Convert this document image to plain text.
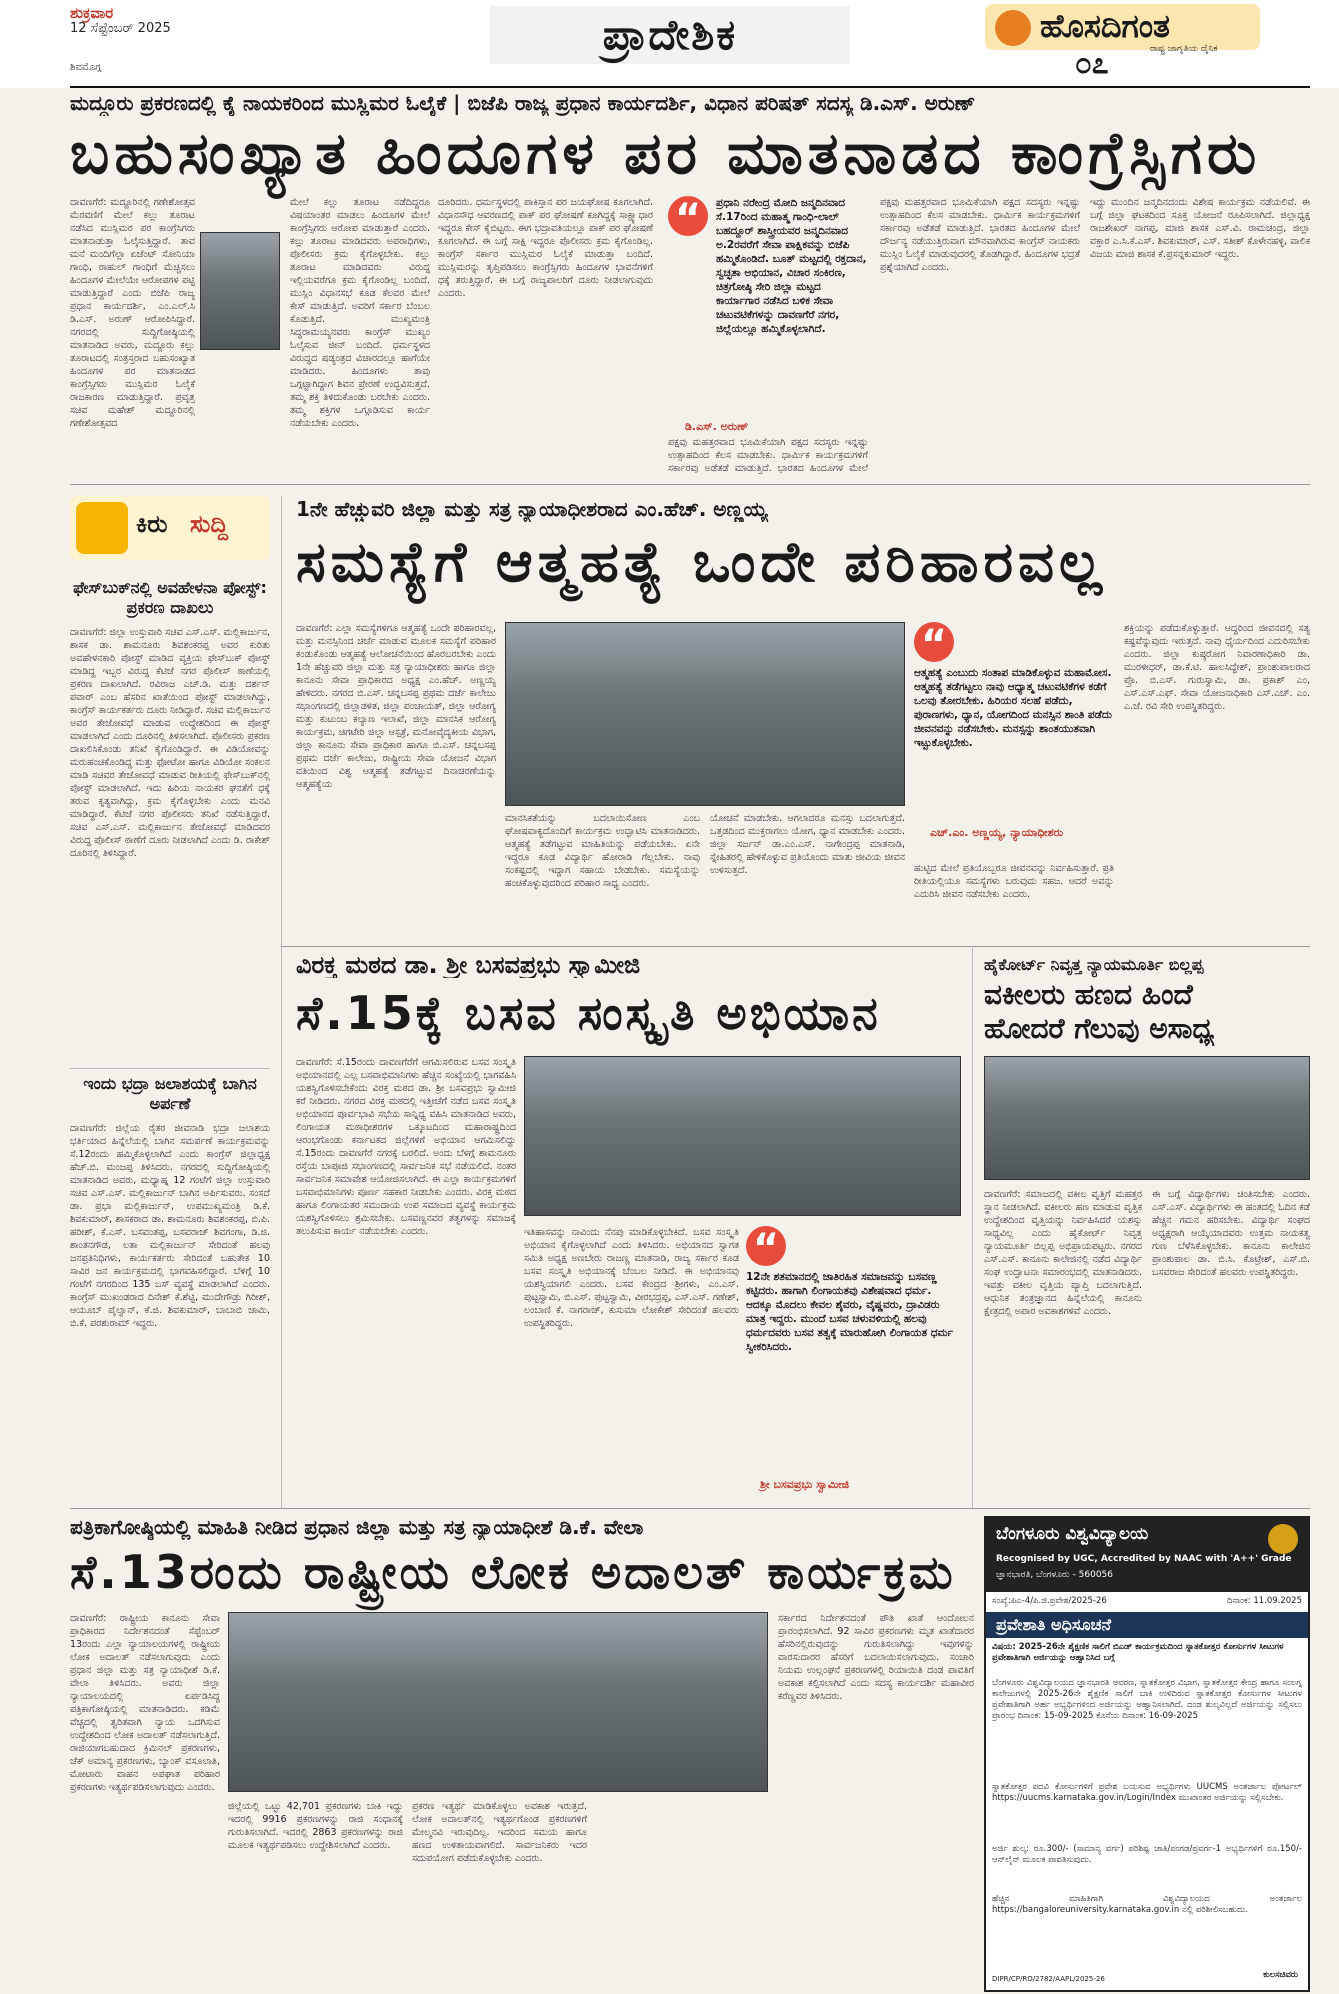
ಶುಕ್ರವಾರ
12 ಸೆಪ್ಟೆಂಬರ್ 2025
ಶಿವಮೊಗ್ಗ
ಪ್ರಾದೇಶಿಕ	ಹೊಸದಿಗಂತ
೦೭	ರಾಷ್ಟ್ರ ಜಾಗೃತಿಯ ದೈನಿಕ
ಮದ್ದೂರು ಪ್ರಕರಣದಲ್ಲಿ ಕೈ ನಾಯಕರಿಂದ ಮುಸ್ಲಿಮರ ಓಲೈಕೆ | ಬಿಜೆಪಿ ರಾಜ್ಯ ಪ್ರಧಾನ ಕಾರ್ಯದರ್ಶಿ, ವಿಧಾನ ಪರಿಷತ್ ಸದಸ್ಯ ಡಿ.ಎಸ್. ಅರುಣ್
ಬಹುಸಂಖ್ಯಾತ ಹಿಂದೂಗಳ ಪರ ಮಾತನಾಡದ ಕಾಂಗ್ರೆಸ್ಸಿಗರು
ದಾವಣಗೆರೆ: ಮದ್ದೂರಿನಲ್ಲಿ ಗಣೇಶೋತ್ಸವ ಮೆರವಣಿಗೆ ಮೇಲೆ ಕಲ್ಲು ತೂರಾಟ ನಡೆಸಿದ ಮುಸ್ಲಿಮರ ಪರ ಕಾಂಗ್ರೆಸಿಗರು ಮಾತನಾಡುತ್ತಾ ಓಲೈಸುತ್ತಿದ್ದಾರೆ. ತಾವ ಮನೆ ಮಂದಿಗೆಲ್ಲಾ ಏಜೆಂಟ್ ಸೋನಿಯಾ ಗಾಂಧಿ, ರಾಹುಲ್ ಗಾಂಧಿಗೆ ಮೆಚ್ಚಿಸಲು ಹಿಂದೂಗಳ ಮೇಲೆಯೇ ಆರೋಪಗಳ ಪಟ್ಟಿ ಮಾಡುತ್ತಿದ್ದಾರೆ ಎಂದು ಬಿಜೆಪಿ ರಾಜ್ಯ ಪ್ರಧಾನ ಕಾರ್ಯದರ್ಶಿ, ಎಂ.ಎಲ್.ಸಿ ಡಿ.ಎಸ್. ಅರುಣ್ ಆರೋಪಿಸಿದ್ದಾರೆ. ನಗರದಲ್ಲಿ ಸುದ್ದಿಗೋಷ್ಠಿಯಲ್ಲಿ ಮಾತನಾಡಿದ ಅವರು, ಮದ್ದೂರು ಕಲ್ಲು ತೂರಾಟದಲ್ಲಿ ಸಂತ್ರಸ್ತರಾದ ಬಹುಸಂಖ್ಯಾತ ಹಿಂದೂಗಳ ಪರ ಮಾತನಾಡದ ಕಾಂಗ್ರೆಸ್ಸಿಗರು ಮುಸ್ಲಿಮರ ಓಲೈಕೆ ರಾಜಕಾರಣ ಮಾಡುತ್ತಿದ್ದಾರೆ. ಪ್ರವೃತ್ತ ಸಚಿವ ಮಹೇಶ್ ಮದ್ದೂರಿನಲ್ಲಿ ಗಣೇಶೋತ್ಸವದ
ಮೇಲೆ ಕಲ್ಲು ತೂರಾಟ ನಡೆದಿದ್ದರೂ ವಿಷಯಾಂತರ ಮಾಡಲು ಹಿಂದೂಗಳ ಮೇಲೆ ಕಾಂಗ್ರೆಸ್ಸಿಗರು ಆರೋಪ ಮಾಡುತ್ತಾರೆ ಎಂದರು. ಕಲ್ಲು ತೂರಾಟ ಮಾಡಿದವರು ಅಪರಾಧಿಗಳು, ಪೊಲೀಸರು ಕ್ರಮ ಕೈಗೊಳ್ಳಬೇಕು. ಕಲ್ಲು ತೂರಾಟ ಮಾಡಿದವರು ವಿರುದ್ಧ ಇಲ್ಲಿಯವರೆಗೂ ಕ್ರಮ ಕೈಗೊಂಡಿಲ್ಲ ಬಂದಿದೆ. ಮುಸ್ಲಿಂ ವಿಧಾನಸಭೆ ಕೂಡ ಕೆಲವರ ಮೇಲೆ ಕೇಸ್ ಮಾಡುತ್ತಿದೆ. ಅವರಿಗೆ ಸರ್ಕಾರ ಬೆಂಬಲ ಕೊಡುತ್ತಿದೆ. ಮುಖ್ಯಮಂತ್ರಿ ಸಿದ್ದರಾಮಯ್ಯನವರು ಕಾಂಗ್ರೆಸ್ ಮುಖ್ಯಂ ಓಲೈಸುವ ಜೀನ್ ಬಂದಿದೆ. ಧರ್ಮಸ್ಥಳದ ವಿರುದ್ಧದ ಷಡ್ಯಂತ್ರದ ವಿಚಾರದಲ್ಲೂ ಹಾಗೆಯೇ ಮಾಡಿದರು. ಹಿಂದೂಗಳು ತಾವು ಒಗ್ಗಟ್ಟಾಗಿದ್ದಾಗ ಶಿವನ ಪ್ರೇರಣೆ ಉದ್ಭವಿಸುತ್ತದೆ. ತಮ್ಮ ಶಕ್ತಿ ತಿಳಿದುಕೊಂಡು ಬರಬೇಕು ಎಂದರು. ತಮ್ಮ ಶಕ್ತಿಗಳ ಒಗ್ಗೂಡಿಸುವ ಕಾರ್ಯ ನಡೆಯಬೇಕು ಎಂದರು.
ದೂರಿದರು. ಧರ್ಮಸ್ಥಳದಲ್ಲಿ ಪಾಕಿಸ್ತಾನ ಪರ ಜಯಘೋಷ ಕೂಗಲಾಗಿದೆ. ವಿಧಾನಸೌಧ ಆವರಣದಲ್ಲಿ ಪಾಕ್ ಪರ ಘೋಷಣೆ ಕೂಗಿದ್ದಕ್ಕೆ ಸಾಕ್ಷ್ಯಾಧಾರ ಇದ್ದರೂ ಕೇಸ್ ಕೈಬಿಟ್ಟರು. ಈಗ ಭದ್ರಾವತಿಯಲ್ಲೂ ಪಾಕ್ ಪರ ಘೋಷಣೆ ಕೂಗಲಾಗಿದೆ. ಈ ಬಗ್ಗೆ ಸಾಕ್ಷಿ ಇದ್ದರೂ ಪೊಲೀಸರು ಕ್ರಮ ಕೈಗೊಂಡಿಲ್ಲ. ಕಾಂಗ್ರೆಸ್ ಸರ್ಕಾರ ಮುಸ್ಲಿಮರ ಓಲೈಕೆ ಮಾಡುತ್ತಾ ಬಂದಿದೆ. ಮುಸ್ಲಿಮರನ್ನು ತೃಪ್ತಿಪಡಿಸಲು ಕಾಂಗ್ರೆಸ್ಸಿಗರು ಹಿಂದೂಗಳ ಭಾವನೆಗಳಿಗೆ ಧಕ್ಕೆ ತರುತ್ತಿದ್ದಾರೆ. ಈ ಬಗ್ಗೆ ರಾಜ್ಯಪಾಲರಿಗೆ ದೂರು ನೀಡಲಾಗುವುದು ಎಂದರು.
“	ಪ್ರಧಾನಿ ನರೇಂದ್ರ ಮೋದಿ ಜನ್ಮದಿನವಾದ ಸೆ.17ರಿಂದ ಮಹಾತ್ಮ ಗಾಂಧಿ-ಲಾಲ್ ಬಹದ್ದೂರ್ ಶಾಸ್ತ್ರೀಯವರ ಜನ್ಮದಿನವಾದ ಅ.2ರವರೆಗೆ ಸೇವಾ ಪಾಕ್ಷಿಕವನ್ನು ಬಿಜೆಪಿ ಹಮ್ಮಿಕೊಂಡಿದೆ. ಬೂತ್ ಮಟ್ಟದಲ್ಲಿ ರಕ್ತದಾನ, ಸ್ವಚ್ಛತಾ ಅಭಿಯಾನ, ವಿಚಾರ ಸಂಕಿರಣ, ಚಿತ್ರಗೋಷ್ಠಿ ಸೇರಿ ಜಿಲ್ಲಾ ಮಟ್ಟದ ಕಾರ್ಯಾಗಾರ ನಡೆಸಿದ ಬಳಿಕ ಸೇವಾ ಚಟುವಟಿಕೆಗಳನ್ನು ದಾವಣಗೆರೆ ನಗರ, ಜಿಲ್ಲೆಯಲ್ಲೂ ಹಮ್ಮಿಕೊಳ್ಳಲಾಗಿದೆ.
ಡಿ.ಎಸ್. ಅರುಣ್
ಪಕ್ಷವು ಮಹತ್ತರವಾದ ಭೂಮಿಕೆಯಾಗಿ ಪಕ್ಷದ ಸದಸ್ಯರು ಇನ್ನಷ್ಟು ಉತ್ಸಾಹದಿಂದ ಕೆಲಸ ಮಾಡಬೇಕು. ಧಾರ್ಮಿಕ ಕಾರ್ಯಕ್ರಮಗಳಿಗೆ ಸರ್ಕಾರವು ಅಡೆತಡೆ ಮಾಡುತ್ತಿದೆ. ಭಾರತದ ಹಿಂದೂಗಳ ಮೇಲೆ
ಪಕ್ಷವು ಮಹತ್ತರವಾದ ಭೂಮಿಕೆಯಾಗಿ ಪಕ್ಷದ ಸದಸ್ಯರು ಇನ್ನಷ್ಟು ಉತ್ಸಾಹದಿಂದ ಕೆಲಸ ಮಾಡಬೇಕು. ಧಾರ್ಮಿಕ ಕಾರ್ಯಕ್ರಮಗಳಿಗೆ ಸರ್ಕಾರವು ಅಡೆತಡೆ ಮಾಡುತ್ತಿದೆ. ಭಾರತದ ಹಿಂದೂಗಳ ಮೇಲೆ ದೌರ್ಜನ್ಯ ನಡೆಯುತ್ತಿರುವಾಗ ಮೌನವಾಗಿರುವ ಕಾಂಗ್ರೆಸ್ ನಾಯಕರು ಮುಸ್ಲಿಂ ಓಲೈಕೆ ಮಾಡುವುದರಲ್ಲಿ ತೊಡಗಿದ್ದಾರೆ. ಹಿಂದೂಗಳ ಭದ್ರತೆ ಪ್ರಶ್ನೆಯಾಗಿದೆ ಎಂದರು.
ಇದ್ದು ಮುಂದಿನ ಜನ್ಮದಿನದಂದು ವಿಶೇಷ ಕಾರ್ಯಕ್ರಮ ನಡೆಯಲಿವೆ. ಈ ಬಗ್ಗೆ ಜಿಲ್ಲಾ ಘಟಕದಿಂದ ಸೂಕ್ತ ಯೋಜನೆ ರೂಪಿಸಲಾಗಿದೆ. ಜಿಲ್ಲಾಧ್ಯಕ್ಷ ರಾಜಶೇಖರ್ ನಾಗಪ್ಪ, ಮಾಜಿ ಶಾಸಕ ಎಸ್.ವಿ. ರಾಮಚಂದ್ರ, ಜಿಲ್ಲಾ ವಕ್ತಾರ ಎ.ಸಿ.ಕೆ.ಎಸ್. ಶಿವಕುಮಾರ್, ಎಸ್. ಸತೀಶ್ ಕೊಳೇನಹಳ್ಳಿ, ವಾಲಿಕ ವಿಜಯ ಮಾಜಿ ಶಾಸಕ ಕೆ.ಪ್ರಸನ್ನಕುಮಾರ್ ಇದ್ದರು.
ಕಿರು ಸುದ್ದಿ
ಫೇಸ್‌ಬುಕ್‌ನಲ್ಲಿ ಅವಹೇಳನಾ ಪೋಸ್ಟ್: ಪ್ರಕರಣ ದಾಖಲು
ದಾವಣಗೆರೆ: ಜಿಲ್ಲಾ ಉಸ್ತುವಾರಿ ಸಚಿವ ಎಸ್.ಎಸ್. ಮಲ್ಲಿಕಾರ್ಜುನ, ಶಾಸಕ ಡಾ. ಶಾಮನೂರು ಶಿವಶಂಕರಪ್ಪ ಅವರ ಕುರಿತು ಅವಹೇಳನಕಾರಿ ಪೋಸ್ಟ್ ಮಾಡಿದ ವ್ಯಕ್ತಿಯ ಫೇಸ್‌ಬುಕ್ ಪೋಸ್ಟ್ ಮಾಡಿದ್ದ ಇಬ್ಬರ ವಿರುದ್ಧ ಕೆಟಿಜೆ ನಗರ ಪೊಲೀಸ್ ಠಾಣೆಯಲ್ಲಿ ಪ್ರಕರಣ ದಾಖಲಾಗಿದೆ. ರವಿರಾಜ ಎಚ್.ಡಿ. ಮತ್ತು ದರ್ಶನ್ ಪವಾರ್ ಎಂಬ ಹೆಸರಿನ ಖಾತೆಯಿಂದ ಪೋಸ್ಟ್ ಮಾಡಲಾಗಿದ್ದು, ಕಾಂಗ್ರೆಸ್ ಕಾರ್ಯಕರ್ತರು ದೂರು ನೀಡಿದ್ದಾರೆ. ಸಚಿವ ಮಲ್ಲಿಕಾರ್ಜುನ ಅವರ ತೇಜೋವಧೆ ಮಾಡುವ ಉದ್ದೇಶದಿಂದ ಈ ಪೋಸ್ಟ್ ಮಾಡಲಾಗಿದೆ ಎಂದು ದೂರಿನಲ್ಲಿ ತಿಳಿಸಲಾಗಿದೆ. ಪೊಲೀಸರು ಪ್ರಕರಣ ದಾಖಲಿಸಿಕೊಂಡು ತನಿಖೆ ಕೈಗೊಂಡಿದ್ದಾರೆ. ಈ ವಿಡಿಯೋವನ್ನು ಮರುಹಂಚಿಕೊಂಡಿದ್ದ ಮತ್ತು ಫೋಟೋ ಹಾಗೂ ವಿಡಿಯೋ ಸಂಕಲನ ಮಾಡಿ ಸಚಿವರ ತೇಜೋವಧೆ ಮಾಡುವ ರೀತಿಯಲ್ಲಿ ಫೇಸ್‌ಬುಕ್‌ನಲ್ಲಿ ಪೋಸ್ಟ್ ಮಾಡಲಾಗಿದೆ. ಇದು ಹಿರಿಯ ನಾಯಕರ ಘನತೆಗೆ ಧಕ್ಕೆ ತರುವ ಕೃತ್ಯವಾಗಿದ್ದು, ಕ್ರಮ ಕೈಗೊಳ್ಳಬೇಕು ಎಂದು ಮನವಿ ಮಾಡಿದ್ದಾರೆ. ಕೆಟಿಜೆ ನಗರ ಪೊಲೀಸರು ತನಿಖೆ ನಡೆಸುತ್ತಿದ್ದಾರೆ. ಸಚಿವ ಎಸ್.ಎಸ್. ಮಲ್ಲಿಕಾರ್ಜುನ ತೇಜೋವಧೆ ಮಾಡಿದವರ ವಿರುದ್ಧ ಪೊಲೀಸ್ ಠಾಣೆಗೆ ದೂರು ನೀಡಲಾಗಿದೆ ಎಂದು ಡಿ. ರಾಕೇಶ್ ದೂರಿನಲ್ಲಿ ತಿಳಿಸಿದ್ದಾರೆ.
ಇಂದು ಭದ್ರಾ ಜಲಾಶಯಕ್ಕೆ ಬಾಗಿನ ಅರ್ಪಣೆ
ದಾವಣಗೆರೆ: ಜಿಲ್ಲೆಯ ರೈತರ ಜೀವನಾಡಿ ಭದ್ರಾ ಜಲಾಶಯ ಭರ್ತಿಯಾದ ಹಿನ್ನೆಲೆಯಲ್ಲಿ ಬಾಗಿನ ಸಮರ್ಪಣೆ ಕಾರ್ಯಕ್ರಮವನ್ನು ಸೆ.12ರಂದು ಹಮ್ಮಿಕೊಳ್ಳಲಾಗಿದೆ ಎಂದು ಕಾಂಗ್ರೆಸ್ ಜಿಲ್ಲಾಧ್ಯಕ್ಷ ಹೆಚ್.ಬಿ. ಮಂಜಪ್ಪ ತಿಳಿಸಿದರು. ನಗರದಲ್ಲಿ ಸುದ್ದಿಗೋಷ್ಠಿಯಲ್ಲಿ ಮಾತನಾಡಿದ ಅವರು, ಮಧ್ಯಾಹ್ನ 12 ಗಂಟೆಗೆ ಜಿಲ್ಲಾ ಉಸ್ತುವಾರಿ ಸಚಿವ ಎಸ್.ಎಸ್. ಮಲ್ಲಿಕಾರ್ಜುನ್ ಬಾಗಿನ ಅರ್ಪಿಸುವರು. ಸಂಸದೆ ಡಾ. ಪ್ರಭಾ ಮಲ್ಲಿಕಾರ್ಜುನ್, ಉಪಮುಖ್ಯಮಂತ್ರಿ ಡಿ.ಕೆ. ಶಿವಕುಮಾರ್, ಶಾಸಕರಾದ ಡಾ. ಶಾಮನೂರು ಶಿವಶಂಕರಪ್ಪ, ಬಿ.ಪಿ. ಹರೀಶ್, ಕೆ.ಎಸ್. ಬಸವಂತಪ್ಪ, ಬಸವರಾಜ್ ಶಿವಗಂಗಾ, ಡಿ.ಜಿ. ಶಾಂತನಗೌಡ, ಲತಾ ಮಲ್ಲಿಕಾರ್ಜುನ್ ಸೇರಿದಂತೆ ಹಲವು ಜನಪ್ರತಿನಿಧಿಗಳು, ಕಾರ್ಯಕರ್ತರು ಸೇರಿದಂತೆ ಬಹುತೇಕ 10 ಸಾವಿರ ಜನ ಕಾರ್ಯಕ್ರಮದಲ್ಲಿ ಭಾಗವಹಿಸಲಿದ್ದಾರೆ. ಬೆಳಿಗ್ಗೆ 10 ಗಂಟೆಗೆ ನಗರದಿಂದ 135 ಬಸ್ ವ್ಯವಸ್ಥೆ ಮಾಡಲಾಗಿದೆ ಎಂದರು. ಕಾಂಗ್ರೆಸ್ ಮುಖಂಡರಾದ ದಿನೇಶ್ ಕೆ.ಶೆಟ್ಟಿ, ಮುದೇಗೌಡ್ರು ಗಿರೀಶ್, ಆಯೂಬ್ ಪೈಲ್ವಾನ್, ಕೆ.ಜಿ. ಶಿವಕುಮಾರ್, ಬಾಬಾಬಿ ಜಾಮಿ, ಬಿ.ಕೆ. ಪರಶುರಾಮ್ ಇದ್ದರು.
1ನೇ ಹೆಚ್ಚುವರಿ ಜಿಲ್ಲಾ ಮತ್ತು ಸತ್ರ ನ್ಯಾಯಾಧೀಶರಾದ ಎಂ.ಹೆಚ್. ಅಣ್ಣಯ್ಯ
ಸಮಸ್ಯೆಗೆ ಆತ್ಮಹತ್ಯೆ ಒಂದೇ ಪರಿಹಾರವಲ್ಲ
ದಾವಣಗೆರೆ: ಎಲ್ಲಾ ಸಮಸ್ಯೆಗಳಿಗೂ ಆತ್ಮಹತ್ಯೆ ಒಂದೇ ಪರಿಹಾರವಲ್ಲ, ಮತ್ತು ಮನಸ್ಸಿನಿಂದ ಚರ್ಚೆ ಮಾಡುವ ಮೂಲಕ ಸಮಸ್ಯೆಗೆ ಪರಿಹಾರ ಕಂಡುಕೊಂಡು ಆತ್ಮಹತ್ಯೆ ಆಲೋಚನೆಯಿಂದ ಹೊರಬರಬೇಕು ಎಂದು 1ನೇ ಹೆಚ್ಚುವರಿ ಜಿಲ್ಲಾ ಮತ್ತು ಸತ್ರ ನ್ಯಾಯಾಧೀಶರು ಹಾಗೂ ಜಿಲ್ಲಾ ಕಾನೂನು ಸೇವಾ ಪ್ರಾಧಿಕಾರದ ಅಧ್ಯಕ್ಷ ಎಂ.ಹೆಚ್. ಅಣ್ಣಯ್ಯ ಹೇಳಿದರು. ನಗರದ ಬಿ.ಎಸ್. ಚನ್ನಬಸಪ್ಪ ಪ್ರಥಮ ದರ್ಜೆ ಕಾಲೇಜು ಸಭಾಂಗಣದಲ್ಲಿ ಜಿಲ್ಲಾಡಳಿತ, ಜಿಲ್ಲಾ ಪಂಚಾಯತ್, ಜಿಲ್ಲಾ ಆರೋಗ್ಯ ಮತ್ತು ಕುಟುಂಬ ಕಲ್ಯಾಣ ಇಲಾಖೆ, ಜಿಲ್ಲಾ ಮಾನಸಿಕ ಆರೋಗ್ಯ ಕಾರ್ಯಕ್ರಮ, ಚಿಗಟೇರಿ ಜಿಲ್ಲಾ ಆಸ್ಪತ್ರೆ, ಮನೋವೈದ್ಯಕೀಯ ವಿಭಾಗ, ಜಿಲ್ಲಾ ಕಾನೂನು ಸೇವಾ ಪ್ರಾಧಿಕಾರ ಹಾಗೂ ಬಿ.ಎಸ್. ಚನ್ನಬಸಪ್ಪ ಪ್ರಥಮ ದರ್ಜೆ ಕಾಲೇಜು, ರಾಷ್ಟ್ರೀಯ ಸೇವಾ ಯೋಜನೆ ವಿಭಾಗ ವತಿಯಿಂದ ವಿಶ್ವ ಆತ್ಮಹತ್ಯೆ ತಡೆಗಟ್ಟುವ ದಿನಾಚರಣೆಯನ್ನು ಆತ್ಮಹತ್ಯೆಯ
ಮಾನಸಿಕತೆಯನ್ನು ಬದಲಾಯಿಸೋಣ ಎಂಬ ಘೋಷವಾಕ್ಯದೊಂದಿಗೆ ಕಾರ್ಯಕ್ರಮ ಉದ್ಘಾಟಿಸಿ ಮಾತನಾಡಿದರು. ಆತ್ಮಹತ್ಯೆ ತಡೆಗಟ್ಟುವ ಮಾಹಿತಿಯನ್ನು ಪಡೆಯಬೇಕು. ಏನೇ ಇದ್ದರೂ ಕೂಡ ವಿದ್ಯಾರ್ಥಿ ಹೋರಾಡಿ ಗೆಲ್ಲಬೇಕು. ನಾವು ಸಂಕಷ್ಟದಲ್ಲಿ ಇದ್ದಾಗ ಸಹಾಯ ಬೇಡಬೇಕು. ಸಮಸ್ಯೆಯನ್ನು ಹಂಚಿಕೊಳ್ಳುವುದರಿಂದ ಪರಿಹಾರ ಸಾಧ್ಯ ಎಂದರು.
ಯೋಚನೆ ಮಾಡಬೇಕು. ಆಗಲಾದರೂ ಮನಸ್ಸು ಬದಲಾಗುತ್ತದೆ. ಒತ್ತಡದಿಂದ ಮುಕ್ತರಾಗಲು ಯೋಗ, ಧ್ಯಾನ ಮಾಡಬೇಕು ಎಂದರು. ಜಿಲ್ಲಾ ಸರ್ಜನ್ ಡಾ.ಎಂ.ಎಸ್. ನಾಗೇಂದ್ರಪ್ಪ ಮಾತನಾಡಿ, ಸ್ನೇಹಿತರಲ್ಲಿ ಹೇಳಿಕೊಳ್ಳುವ ಪ್ರತಿಯೊಂದು ಮಾತು ಜೀವಿಯ ಜೀವನ ಉಳಿಸುತ್ತದೆ.
“
ಆತ್ಮಹತ್ಯೆ ಎಂಬುದು ಸಂತಾಪ ಮಾಡಿಕೊಳ್ಳುವ ಮಹಾಮೋಸ. ಆತ್ಮಹತ್ಯೆ ತಡೆಗಟ್ಟಲು ನಾವು ಆಧ್ಯಾತ್ಮ ಚಟುವಟಿಕೆಗಳ ಕಡೆಗೆ ಒಲವು ತೋರಬೇಕು. ಹಿರಿಯರ ಸಲಹೆ ಪಡೆದು, ಪುರಾಣಗಳು, ಧ್ಯಾನ, ಯೋಗದಿಂದ ಮನಸ್ಸಿನ ಶಾಂತಿ ಪಡೆದು ಜೀವನವನ್ನು ನಡೆಸಬೇಕು. ಮನಸ್ಸನ್ನು ಶಾಂತಯುತವಾಗಿ ಇಟ್ಟುಕೊಳ್ಳಬೇಕು.
ಎಚ್.ಎಂ. ಅಣ್ಣಯ್ಯ, ನ್ಯಾಯಾಧೀಶರು
ಹುಟ್ಟಿದ ಮೇಲೆ ಪ್ರತಿಯೊಬ್ಬರೂ ಜೀವನವನ್ನು ನಿರ್ವಹಿಸುತ್ತಾರೆ. ಪ್ರತಿ ರೀತಿಯಲ್ಲಿಯೂ ಸಮಸ್ಯೆಗಳು ಬರುವುದು ಸಹಜ. ಆದರೆ ಅವನ್ನು ಎದುರಿಸಿ ಜೀವನ ನಡೆಸಬೇಕು ಎಂದರು.
ಶಕ್ತಿಯನ್ನು ಪಡೆದುಕೊಳ್ಳುತ್ತಾರೆ. ಆದ್ದರಿಂದ ಜೀವನದಲ್ಲಿ ಸತ್ಯ ಕಷ್ಟವೆನ್ನುವುದು ಇರುತ್ತದೆ. ನಾವು ಧೈರ್ಯದಿಂದ ಎದುರಿಸಬೇಕು ಎಂದರು. ಜಿಲ್ಲಾ ಕುಷ್ಠರೋಗ ನಿವಾರಣಾಧಿಕಾರಿ ಡಾ. ಮುರಳೀಧರ್, ಡಾ.ಕೆ.ಟಿ. ಹಾಲಸಿದ್ಧೇಶ್, ಪ್ರಾಂಶುಪಾಲರಾದ ಪ್ರೊ. ಬಿ.ಎಸ್. ಗುರುಸ್ವಾಮಿ, ಡಾ. ಪ್ರಕಾಶ್ ಎಂ, ಎಸ್.ಎಸ್.ಎಫ್. ಸೇವಾ ಯೋಜನಾಧಿಕಾರಿ ಎಸ್.ಎಚ್. ಎಂ. ಎ.ಜೆ. ರವಿ ಸೇರಿ ಉಪಸ್ಥಿತರಿದ್ದರು.
ವಿರಕ್ತ ಮಠದ ಡಾ. ಶ್ರೀ ಬಸವಪ್ರಭು ಸ್ವಾಮೀಜಿ
ಸೆ.15ಕ್ಕೆ ಬಸವ ಸಂಸ್ಕೃತಿ ಅಭಿಯಾನ
ದಾವಣಗೆರೆ: ಸೆ.15ರಂದು ದಾವಣಗೆರೆಗೆ ಆಗಮಿಸಲಿರುವ ಬಸವ ಸಂಸ್ಕೃತಿ ಅಭಿಯಾನದಲ್ಲಿ ಎಲ್ಲ ಬಸವಾಭಿಮಾನಿಗಳು ಹೆಚ್ಚಿನ ಸಂಖ್ಯೆಯಲ್ಲಿ ಭಾಗವಹಿಸಿ ಯಶಸ್ವಿಗೊಳಿಸಬೇಕೆಂದು ವಿರಕ್ತ ಮಠದ ಡಾ. ಶ್ರೀ ಬಸವಪ್ರಭು ಸ್ವಾಮೀಜಿ ಕರೆ ನೀಡಿದರು. ನಗರದ ವಿರಕ್ತ ಮಠದಲ್ಲಿ ಇತ್ತೀಚೆಗೆ ನಡೆದ ಬಸವ ಸಂಸ್ಕೃತಿ ಅಭಿಯಾನದ ಪೂರ್ವಭಾವಿ ಸಭೆಯ ಸಾನ್ನಿಧ್ಯ ವಹಿಸಿ ಮಾತನಾಡಿದ ಅವರು, ಲಿಂಗಾಯತ ಮಠಾಧೀಶರಗಳ ಒಕ್ಕೂಟದಿಂದ ಮಹಾರಾಷ್ಟ್ರದಿಂದ ಆರಂಭಗೊಂಡು ಕರ್ನಾಟಕದ ಜಿಲ್ಲೆಗಳಿಗೆ ಅಭಿಯಾನ ಆಗಮಿಸಲಿದ್ದು ಸೆ.15ರಂದು ದಾವಣಗೆರೆ ನಗರಕ್ಕೆ ಬರಲಿದೆ. ಅಂದು ಬೆಳಗ್ಗೆ ಶಾಮನೂರು ರಸ್ತೆಯ ಬಾಪೂಜಿ ಸಭಾಂಗಣದಲ್ಲಿ ಸಾರ್ವಜನಿಕ ಸಭೆ ನಡೆಯಲಿದೆ. ನಂತರ ಸಾರ್ವಜನಿಕ ಸಮಾವೇಶ ಆಯೋಜಿಸಲಾಗಿದೆ. ಈ ಎಲ್ಲಾ ಕಾರ್ಯಕ್ರಮಗಳಿಗೆ ಬಸವಾಭಿಮಾನಿಗಳು ಪೂರ್ಣ ಸಹಕಾರ ನೀಡಬೇಕು ಎಂದರು. ವಿರಕ್ತ ಮಠದ ಹಾಗೂ ಲಿಂಗಾಯತರ ಸಮುದಾಯ ಉಪ ಸಮಾಜದ ವ್ಯವಸ್ಥೆ ಕಾರ್ಯಕ್ರಮ ಯಶಸ್ವಿಗೊಳಿಸಲು ಶ್ರಮಿಸಬೇಕು. ಬಸವಣ್ಣನವರ ತತ್ವಗಳನ್ನು ಸಮಾಜಕ್ಕೆ ತಲುಪಿಸುವ ಕಾರ್ಯ ನಡೆಯಬೇಕು ಎಂದರು.	ಇತಿಹಾಸವನ್ನು ನಾವಿಂದು ನೆನಪು ಮಾಡಿಕೊಳ್ಳಬೇಕಿದೆ. ಬಸವ ಸಂಸ್ಕೃತಿ ಅಭಿಯಾನ ಕೈಗೊಳ್ಳಲಾಗಿದೆ ಎಂದು ತಿಳಿಸಿದರು. ಅಭಿಯಾನದ ಸ್ವಾಗತ ಸಮಿತಿ ಅಧ್ಯಕ್ಷ ಅಣಬೇರು ರಾಜಣ್ಣ ಮಾತನಾಡಿ, ರಾಜ್ಯ ಸರ್ಕಾರ ಕೂಡ ಬಸವ ಸಂಸ್ಕೃತಿ ಅಭಿಯಾನಕ್ಕೆ ಬೆಂಬಲ ನೀಡಿದೆ. ಈ ಅಭಿಯಾನವು ಯಶಸ್ವಿಯಾಗಲಿ ಎಂದರು. ಬಸವ ಕೇಂದ್ರದ ಶ್ರೀಗಳು, ಎಂ.ಎಸ್. ಪುಟ್ಟಸ್ವಾಮಿ, ಬಿ.ಎಸ್. ಪುಟ್ಟಸ್ವಾಮಿ, ವೀರಭದ್ರಪ್ಪ, ಎಸ್.ಎಸ್. ಗಣೇಶ್, ಲಂಬಾಣಿ ಕೆ. ನಾಗರಾಜ್, ಕುಸುಮಾ ಲೋಕೇಶ್ ಸೇರಿದಂತೆ ಹಲವರು ಉಪಸ್ಥಿತರಿದ್ದರು.
“
12ನೇ ಶತಮಾನದಲ್ಲಿ ಜಾತಿರಹಿತ ಸಮಾಜವನ್ನು ಬಸವಣ್ಣ ಕಟ್ಟಿದರು. ಹಾಗಾಗಿ ಲಿಂಗಾಯತವು ವಿಶೇಷವಾದ ಧರ್ಮ. ಆದಕ್ಕೂ ಮೊದಲು ಕೇವಲ ಶೈವರು, ವೈಷ್ಣವರು, ದ್ರಾವಿಡರು ಮಾತ್ರ ಇದ್ದರು. ಮುಂದೆ ಬಸವ ಚಳುವಳಿಯಲ್ಲಿ ಹಲವು ಧರ್ಮದವರು ಬಸವ ತತ್ವಕ್ಕೆ ಮಾರುಹೋಗಿ ಲಿಂಗಾಯತ ಧರ್ಮ ಸ್ವೀಕರಿಸಿದರು.
ಶ್ರೀ ಬಸವಪ್ರಭು ಸ್ವಾಮೀಜಿ
ಹೈಕೋರ್ಟ್ ನಿವೃತ್ತ ನ್ಯಾಯಮೂರ್ತಿ ಬಿಲ್ಲಪ್ಪ
ವಕೀಲರು ಹಣದ ಹಿಂದೆ
ಹೋದರೆ ಗೆಲುವು ಅಸಾಧ್ಯ
ದಾವಣಗೆರೆ: ಸಮಾಜದಲ್ಲಿ ವಕೀಲ ವೃತ್ತಿಗೆ ಮಹತ್ತರ ಸ್ಥಾನ ನೀಡಲಾಗಿದೆ. ವಕೀಲರು ಹಣ ಮಾಡುವ ವೃತ್ತಿಕ ಉದ್ದೇಶದಿಂದ ವೃತ್ತಿಯನ್ನು ನಿರ್ವಹಿಸಿದರೆ ಯಶಸ್ಸು ಸಾಧ್ಯವಿಲ್ಲ ಎಂದು ಹೈಕೋರ್ಟ್ ನಿವೃತ್ತ ನ್ಯಾಯಮೂರ್ತಿ ಬಿಲ್ಲಪ್ಪ ಅಭಿಪ್ರಾಯಪಟ್ಟರು. ನಗರದ ಎಸ್.ಎಸ್. ಕಾನೂನು ಕಾಲೇಜಿನಲ್ಲಿ ನಡೆದ ವಿದ್ಯಾರ್ಥಿ ಸಂಘ ಉದ್ಘಾಟನಾ ಸಮಾರಂಭದಲ್ಲಿ ಮಾತನಾಡಿದರು. ಇವತ್ತು ವಕೀಲ ವೃತ್ತಿಯ ವ್ಯಾಪ್ತಿ ಬದಲಾಗುತ್ತಿದೆ. ಆಧುನಿಕ ತಂತ್ರಜ್ಞಾನದ ಹಿನ್ನೆಲೆಯಲ್ಲಿ ಕಾನೂನು ಕ್ಷೇತ್ರದಲ್ಲಿ ಅಪಾರ ಅವಕಾಶಗಳಿವೆ ಎಂದರು.
ಈ ಬಗ್ಗೆ ವಿದ್ಯಾರ್ಥಿಗಳು ಚಿಂತಿಸಬೇಕು ಎಂದರು. ಎಸ್.ಎಸ್. ವಿದ್ಯಾರ್ಥಿಗಳು ಈ ಹಂತದಲ್ಲಿ ಓದಿನ ಕಡೆ ಹೆಚ್ಚಿನ ಗಮನ ಹರಿಸಬೇಕು. ವಿದ್ಯಾರ್ಥಿ ಸಂಘದ ಅಧ್ಯಕ್ಷರಾಗಿ ಆಯ್ಕೆಯಾದವರು ಉತ್ತಮ ನಾಯಕತ್ವ ಗುಣ ಬೆಳೆಸಿಕೊಳ್ಳಬೇಕು. ಕಾನೂನು ಕಾಲೇಜಿನ ಪ್ರಾಂಶುಪಾಲ ಡಾ. ಬಿ.ಸಿ. ಕೊಟ್ರೇಶ್, ಎಸ್.ಬಿ. ಬಸವರಾಜ ಸೇರಿದಂತೆ ಹಲವರು ಉಪಸ್ಥಿತರಿದ್ದರು.
ಪತ್ರಿಕಾಗೋಷ್ಠಿಯಲ್ಲಿ ಮಾಹಿತಿ ನೀಡಿದ ಪ್ರಧಾನ ಜಿಲ್ಲಾ ಮತ್ತು ಸತ್ರ ನ್ಯಾಯಾಧೀಶೆ ಡಿ.ಕೆ. ವೇಲಾ
ಸೆ.13ರಂದು ರಾಷ್ಟ್ರೀಯ ಲೋಕ ಅದಾಲತ್ ಕಾರ್ಯಕ್ರಮ
ದಾವಣಗೆರೆ: ರಾಷ್ಟ್ರೀಯ ಕಾನೂನು ಸೇವಾ ಪ್ರಾಧಿಕಾರದ ನಿರ್ದೇಶನದಂತೆ ಸೆಪ್ಟೆಂಬರ್ 13ರಂದು ಎಲ್ಲಾ ನ್ಯಾಯಾಲಯಗಳಲ್ಲಿ ರಾಷ್ಟ್ರೀಯ ಲೋಕ ಅದಾಲತ್ ನಡೆಸಲಾಗುವುದು ಎಂದು ಪ್ರಧಾನ ಜಿಲ್ಲಾ ಮತ್ತು ಸತ್ರ ನ್ಯಾಯಾಧೀಶೆ ಡಿ.ಕೆ. ವೇಲಾ ತಿಳಿಸಿದರು. ಅವರು ಜಿಲ್ಲಾ ನ್ಯಾಯಾಲಯದಲ್ಲಿ ಏರ್ಪಡಿಸಿದ್ದ ಪತ್ರಿಕಾಗೋಷ್ಠಿಯಲ್ಲಿ ಮಾತನಾಡಿದರು. ಕಡಿಮೆ ವೆಚ್ಚದಲ್ಲಿ ತ್ವರಿತವಾಗಿ ನ್ಯಾಯ ಒದಗಿಸುವ ಉದ್ದೇಶದಿಂದ ಲೋಕ ಅದಾಲತ್ ನಡೆಸಲಾಗುತ್ತಿದೆ. ರಾಜಿಯಾಗಬಹುದಾದ ಕ್ರಿಮಿನಲ್ ಪ್ರಕರಣಗಳು, ಚೆಕ್ ಅಮಾನ್ಯ ಪ್ರಕರಣಗಳು, ಬ್ಯಾಂಕ್ ವಸೂಲಾತಿ, ಮೋಟಾರು ವಾಹನ ಅಪಘಾತ ಪರಿಹಾರ ಪ್ರಕರಣಗಳು ಇತ್ಯರ್ಥಪಡಿಸಲಾಗುವುದು ಎಂದರು.
ಜಿಲ್ಲೆಯಲ್ಲಿ ಒಟ್ಟು 42,701 ಪ್ರಕರಣಗಳು ಬಾಕಿ ಇದ್ದು ಇದರಲ್ಲಿ 9916 ಪ್ರಕರಣಗಳನ್ನು ರಾಜಿ ಸಂಧಾನಕ್ಕೆ ಗುರುತಿಸಲಾಗಿದೆ. ಇದರಲ್ಲಿ 2863 ಪ್ರಕರಣಗಳನ್ನು ರಾಜಿ ಮೂಲಕ ಇತ್ಯರ್ಥಪಡಿಸಲು ಉದ್ದೇಶಿಸಲಾಗಿದೆ ಎಂದರು.
ಪ್ರಕರಣ ಇತ್ಯರ್ಥ ಮಾಡಿಕೊಳ್ಳಲು ಅವಕಾಶ ಇರುತ್ತದೆ. ಲೋಕ ಅದಾಲತ್‌ನಲ್ಲಿ ಇತ್ಯರ್ಥಗೊಂಡ ಪ್ರಕರಣಗಳಿಗೆ ಮೇಲ್ಮನವಿ ಇರುವುದಿಲ್ಲ. ಇದರಿಂದ ಸಮಯ ಹಾಗೂ ಹಣದ ಉಳಿತಾಯವಾಗಲಿದೆ. ಸಾರ್ವಜನಿಕರು ಇದರ ಸದುಪಯೋಗ ಪಡೆದುಕೊಳ್ಳಬೇಕು ಎಂದರು.
ಸರ್ಕಾರದ ನಿರ್ದೇಶನದಂತೆ ಪೌತಿ ಖಾತೆ ಆಂದೋಲನ ಪ್ರಾರಂಭಿಸಲಾಗಿದೆ. 92 ಸಾವಿರ ಪ್ರಕರಣಗಳು ಮೃತ ಖಾತೆದಾರರ ಹೆಸರಿನಲ್ಲಿರುವುದನ್ನು ಗುರುತಿಸಲಾಗಿದ್ದು ಇವುಗಳನ್ನು ವಾರಸುದಾರರ ಹೆಸರಿಗೆ ಬದಲಾಯಿಸಲಾಗುವುದು. ಸಂಚಾರಿ ನಿಯಮ ಉಲ್ಲಂಘನೆ ಪ್ರಕರಣಗಳಲ್ಲಿ ರಿಯಾಯಿತಿ ದಂಡ ಪಾವತಿಗೆ ಅವಕಾಶ ಕಲ್ಪಿಸಲಾಗಿದೆ ಎಂದು ಸದಸ್ಯ ಕಾರ್ಯದರ್ಶಿ ಮಹಾವೀರ ಕರೆಣ್ಣವರ ತಿಳಿಸಿದರು.
ಬೆಂಗಳೂರು ವಿಶ್ವವಿದ್ಯಾಲಯ
Recognised by UGC, Accredited by NAAC with 'A++' Grade
ಜ್ಞಾನಭಾರತಿ, ಬೆಂಗಳೂರು - 560056
ಸಂಖ್ಯೆ:ಪಿಎ-4/ಪಿ.ಜಿ.ಪ್ರವೇಶ/2025-26	ದಿನಾಂಕ: 11.09.2025
ಪ್ರವೇಶಾತಿ ಅಧಿಸೂಚನೆ
ವಿಷಯ: 2025-26ನೇ ಶೈಕ್ಷಣಿಕ ಸಾಲಿಗೆ ಬಿಎಡ್ ಕಾರ್ಯಕ್ರಮದಿಂದ ಸ್ನಾತಕೋತ್ತರ ಕೋರ್ಸುಗಳ ಸೀಟುಗಳ ಪ್ರವೇಶಾತಿಗಾಗಿ ಅರ್ಜಿಯನ್ನು ಆಹ್ವಾನಿಸಿದ ಬಗ್ಗೆ
ಬೆಂಗಳೂರು ವಿಶ್ವವಿದ್ಯಾಲಯದ ಜ್ಞಾನಭಾರತಿ ಆವರಣ, ಸ್ನಾತಕೋತ್ತರ ವಿಭಾಗ, ಸ್ನಾತಕೋತ್ತರ ಕೇಂದ್ರ ಹಾಗೂ ಸಂಲಗ್ನ ಕಾಲೇಜುಗಳಲ್ಲಿ 2025-26ನೇ ಶೈಕ್ಷಣಿಕ ಸಾಲಿಗೆ ಬಾಕಿ ಉಳಿದಿರುವ ಸ್ನಾತಕೋತ್ತರ ಕೋರ್ಸುಗಳ ಸೀಟುಗಳ ಪ್ರವೇಶಾತಿಗಾಗಿ ಅರ್ಹ ಅಭ್ಯರ್ಥಿಗಳಿಂದ ಅರ್ಜಿಯನ್ನು ಆಹ್ವಾನಿಸಲಾಗಿದೆ. ದಂಡ ಶುಲ್ಕವಿಲ್ಲದೆ ಅರ್ಜಿಯನ್ನು ಸಲ್ಲಿಸಲು ಪ್ರಾರಂಭ ದಿನಾಂಕ: 15-09-2025 ಕೊನೆಯ ದಿನಾಂಕ: 16-09-2025
ಸ್ನಾತಕೋತ್ತರ ಪದವಿ ಕೋರ್ಸುಗಳಿಗೆ ಪ್ರವೇಶ ಬಯಸುವ ಅಭ್ಯರ್ಥಿಗಳು UUCMS ಅಂತರ್ಜಾಲ ಪೋರ್ಟಲ್ https://uucms.karnataka.gov.in/Login/Index ಮುಖಾಂತರ ಅರ್ಜಿಯನ್ನು ಸಲ್ಲಿಸಬೇಕು.
ಅರ್ಜಿ ಶುಲ್ಕ: ರೂ.300/- (ಸಾಮಾನ್ಯ ವರ್ಗ) ಪರಿಶಿಷ್ಟ ಜಾತಿ/ಪಂಗಡ/ಪ್ರವರ್ಗ-1 ಅಭ್ಯರ್ಥಿಗಳಿಗೆ ರೂ.150/- ಆನ್‌ಲೈನ್ ಮೂಲಕ ಪಾವತಿಸುವುದು.
ಹೆಚ್ಚಿನ ಮಾಹಿತಿಗಾಗಿ ವಿಶ್ವವಿದ್ಯಾಲಯದ ಅಂತರ್ಜಾಲ https://bangaloreuniversity.karnataka.gov.in ನಲ್ಲಿ ಪರಿಶೀಲಿಸಬಹುದು.
DIPR/CP/RO/2782/AAPL/2025-26	ಕುಲಸಚಿವರು
